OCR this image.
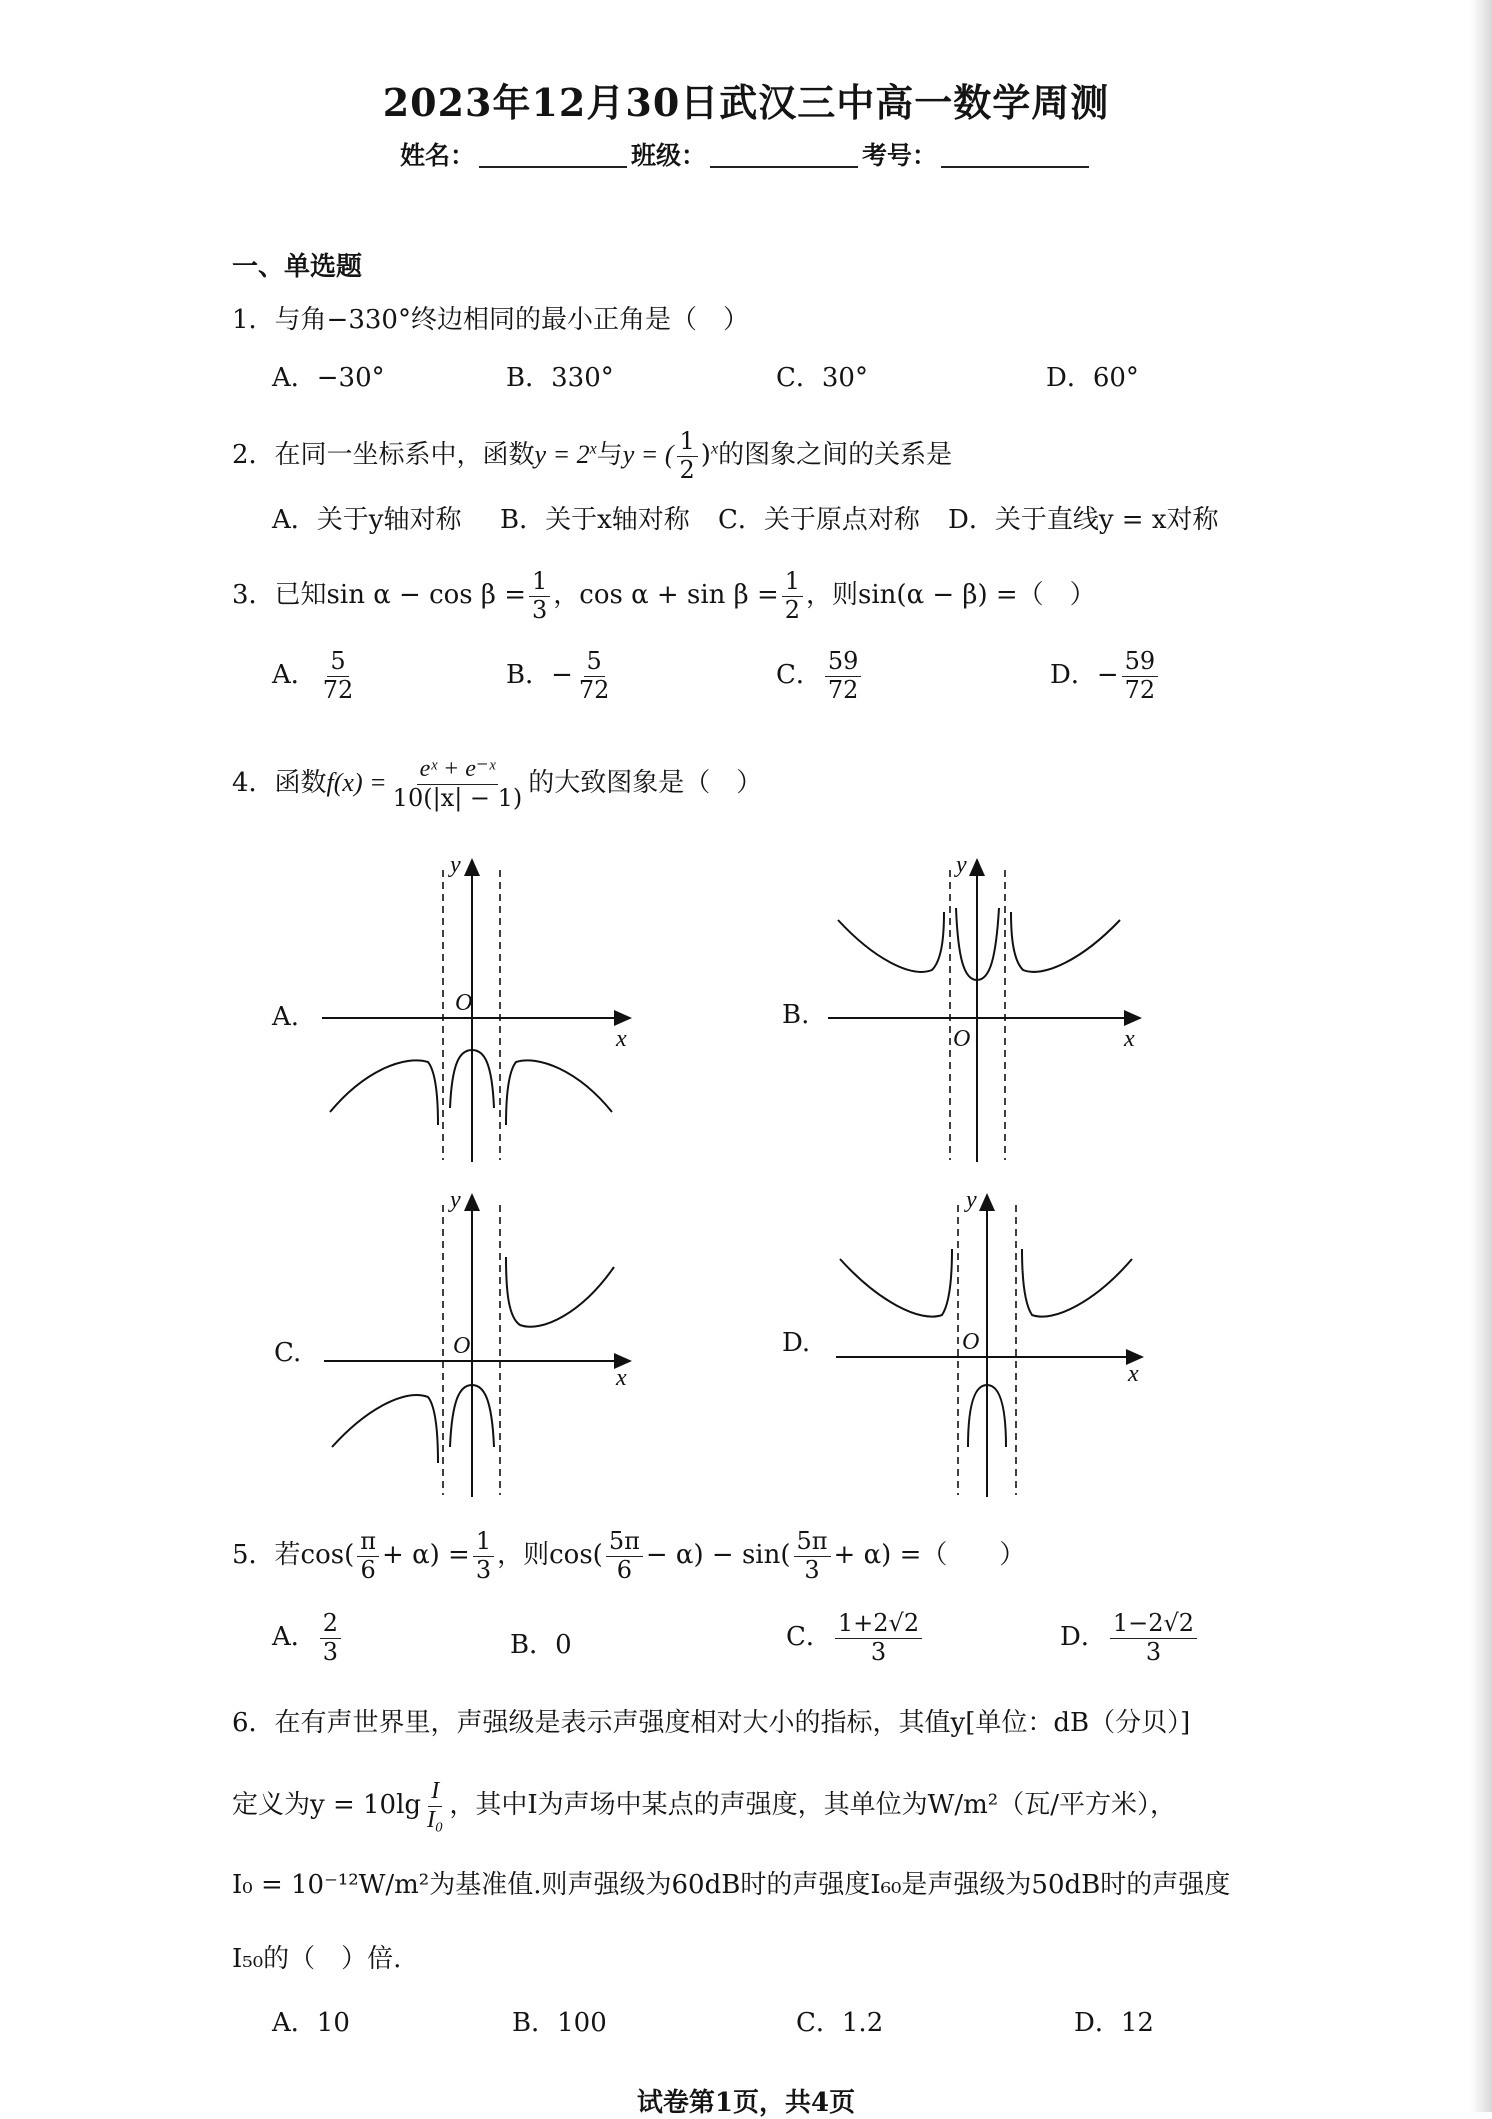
2023年12月30日武汉三中高一数学周测
姓名：	班级：	考号：
一、单选题
1．与角−330°终边相同的最小正角是（　）
A．−30°	B．330°	C．30°	D．60°
2．在同一坐标系中，函数$y = 2^x$与y = ( $\frac{1}{2} )^x$的图象之间的关系是
A．关于y轴对称 B．关于x轴对称 C．关于原点对称 D．关于直线y = x对称
3．已知$\sin \alpha - \cos \beta = \frac{1}{3}$ ，$\cos \alpha + \sin \beta = \frac{1}{2}$ ，则sin(α − β) =（　）
A． $\frac{5}{72}$	B．− $\frac{5}{72}$	C． $\frac{59}{72}$	D．− $\frac{59}{72}$
4．函数$f(x) = \frac{\text{eˣ + e⁻ˣ}}{10(|x| - 1)}$ 的大致图象是（　）
A.	B.
C.	D.
O
x
y
O	x
y
O
x
y
O
x
y
5．若$\cos( \frac{\pi}{6} + \alpha) = \frac{1}{3}$ ，则$\cos( \frac{5\pi}{6} - \alpha) - \sin( \frac{5\pi}{3} + \alpha)$ =（　　）
A． $\frac{2}{3}$	B．0	C． $\frac{1+2√2}{3}$	D． $\frac{1-2√2}{3}$
6．在有声世界里，声强级是表示声强度相对大小的指标，其值y[单位：dB（分贝）]
定义为$y = 10\lg \frac{I}{\text{I₀}}$ ，其中I为声场中某点的声强度，其单位为W/m²（瓦/平方米），
I₀ = 10⁻¹²W/m²为基准值.则声强级为60dB时的声强度I₆₀是声强级为50dB时的声强度
I₅₀的（　）倍.
A．10	B．100	C．1.2	D．12
试卷第1页，共4页
